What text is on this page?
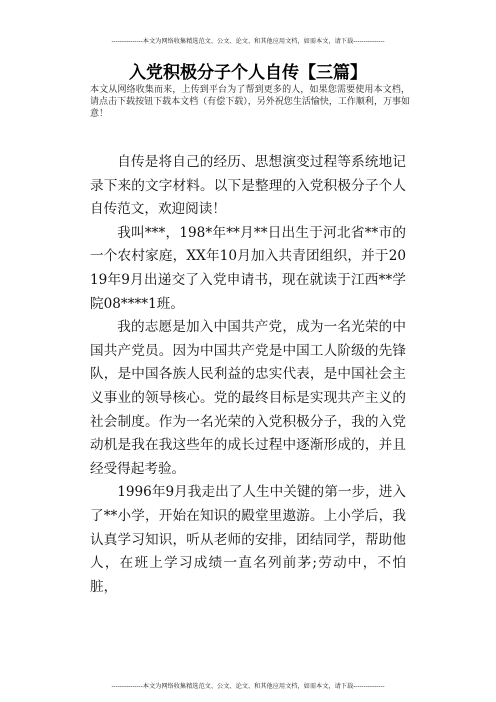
---------------本文为网络收集精选范文、公文、论文、和其他应用文档，如需本文，请下载---------------
入党积极分子个人自传【三篇】
本文从网络收集而来，上传到平台为了帮到更多的人，如果您需要使用本文档，请点击下载按钮下载本文档（有偿下载），另外祝您生活愉快，工作顺利，万事如意！

自传是将自己的经历、思想演变过程等系统地记录下来的文字材料。以下是整理的入党积极分子个人自传范文，欢迎阅读！

我叫***，198*年**月**日出生于河北省**市的一个农村家庭，XX年10月加入共青团组织，并于2019年9月出递交了入党申请书，现在就读于江西**学院08****1班。

我的志愿是加入中国共产党，成为一名光荣的中国共产党员。因为中国共产党是中国工人阶级的先锋队，是中国各族人民利益的忠实代表，是中国社会主义事业的领导核心。党的最终目标是实现共产主义的社会制度。作为一名光荣的入党积极分子，我的入党动机是我在我这些年的成长过程中逐渐形成的，并且经受得起考验。

1996年9月我走出了人生中关键的第一步，进入了**小学，开始在知识的殿堂里遨游。上小学后，我认真学习知识，听从老师的安排，团结同学，帮助他人，在班上学习成绩一直名列前茅;劳动中，不怕脏，

---------------本文为网络收集精选范文、公文、论文、和其他应用文档，如需本文，请下载---------------
